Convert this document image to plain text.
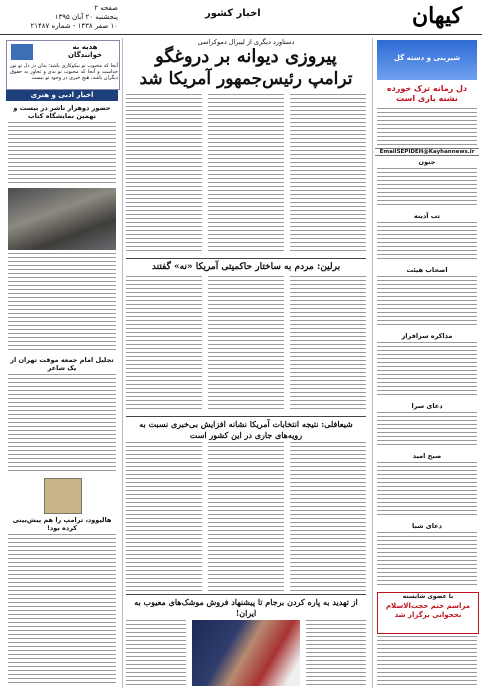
کیهان
اخبار کشور
صفحه ۲
پنجشنبه ۲۰ آبان ۱۳۹۵
۱۰ صفر ۱۴۳۸ - شماره ۲۱۴۸۷
هدیه به خوانندگان
آنجا که محبوب تو نیکوکاری باشد؛ بدان در دل تو نور خداست و آنجا که محبوب تو بدی و تجاوز به حقوق دیگران باشد، هیچ خیری در وجود تو نیست
اخبار ادبی و هنری
حضور دوهزار ناشر در بیست و نهمین نمایشگاه کتاب
تجلیل امام جمعه موقت تهران از یک شاعر
هالیوود، ترامپ را هم پیش‌بینی کرده بود!
دستاورد دیگری از لیبرال دموکراسی
پیروزی دیوانه بر دروغگو
ترامپ رئیس‌جمهور آمریکا شد
برلین: مردم به ساختار حاکمیتی آمریکا «نه» گفتند
شیعافلی: نتیجه انتخابات آمریکا نشانه افزایش بی‌خبری نسبت به رویه‌های جاری در این کشور است
از تهدید به پاره کردن برجام تا پیشنهاد فروش موشک‌های معیوب به ایران!
شیرینی و دسته گل
دل رمانه ترک خورده نشنه یاری است
EmailSEPIDEH@Kayhannews.ir
جنون
تب آدینه
اصحاب هیئت
مذاکره سرافراز
دعای سرا
صبح امید
دعای شبا
با عضوی شایسته
مراسم ختم حجت‌الاسلام نخجوانی برگزار شد
